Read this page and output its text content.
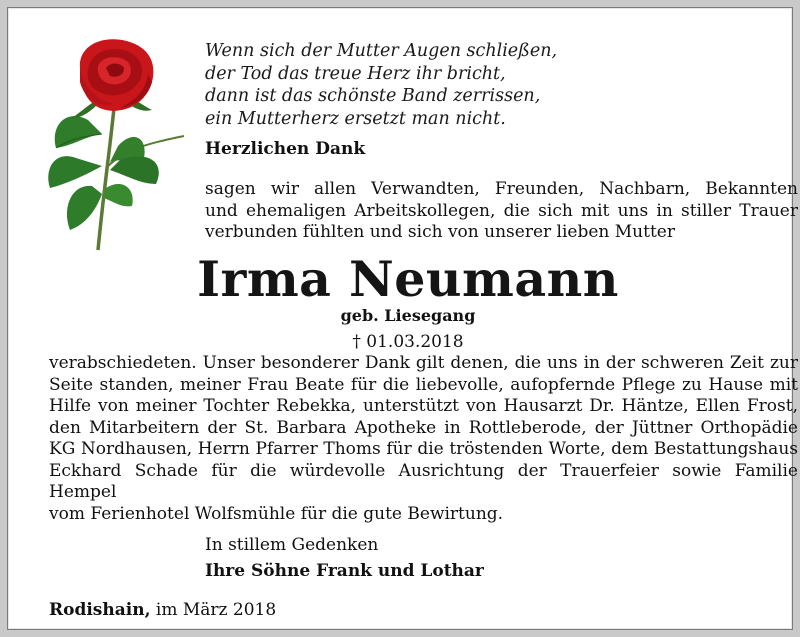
Wenn sich der Mutter Augen schließen,
der Tod das treue Herz ihr bricht,
dann ist das schönste Band zerrissen,
ein Mutterherz ersetzt man nicht.
Herzlichen Dank
sagen wir allen Verwandten, Freunden, Nachbarn, Bekannten
und ehemaligen Arbeitskollegen, die sich mit uns in stiller Trauer
verbunden fühlten und sich von unserer lieben Mutter
Irma Neumann
geb. Liesegang
† 01.03.2018
verabschiedeten. Unser besonderer Dank gilt denen, die uns in der schweren Zeit zur
Seite standen, meiner Frau Beate für die liebevolle, aufopfernde Pflege zu Hause mit
Hilfe von meiner Tochter Rebekka, unterstützt von Hausarzt Dr. Häntze, Ellen Frost,
den Mitarbeitern der St. Barbara Apotheke in Rottleberode, der Jüttner Orthopädie
KG Nordhausen, Herrn Pfarrer Thoms für die tröstenden Worte, dem Bestattungshaus
Eckhard Schade für die würdevolle Ausrichtung der Trauerfeier sowie Familie Hempel
vom Ferienhotel Wolfsmühle für die gute Bewirtung.
In stillem Gedenken
Ihre Söhne Frank und Lothar
Rodishain, im März 2018
